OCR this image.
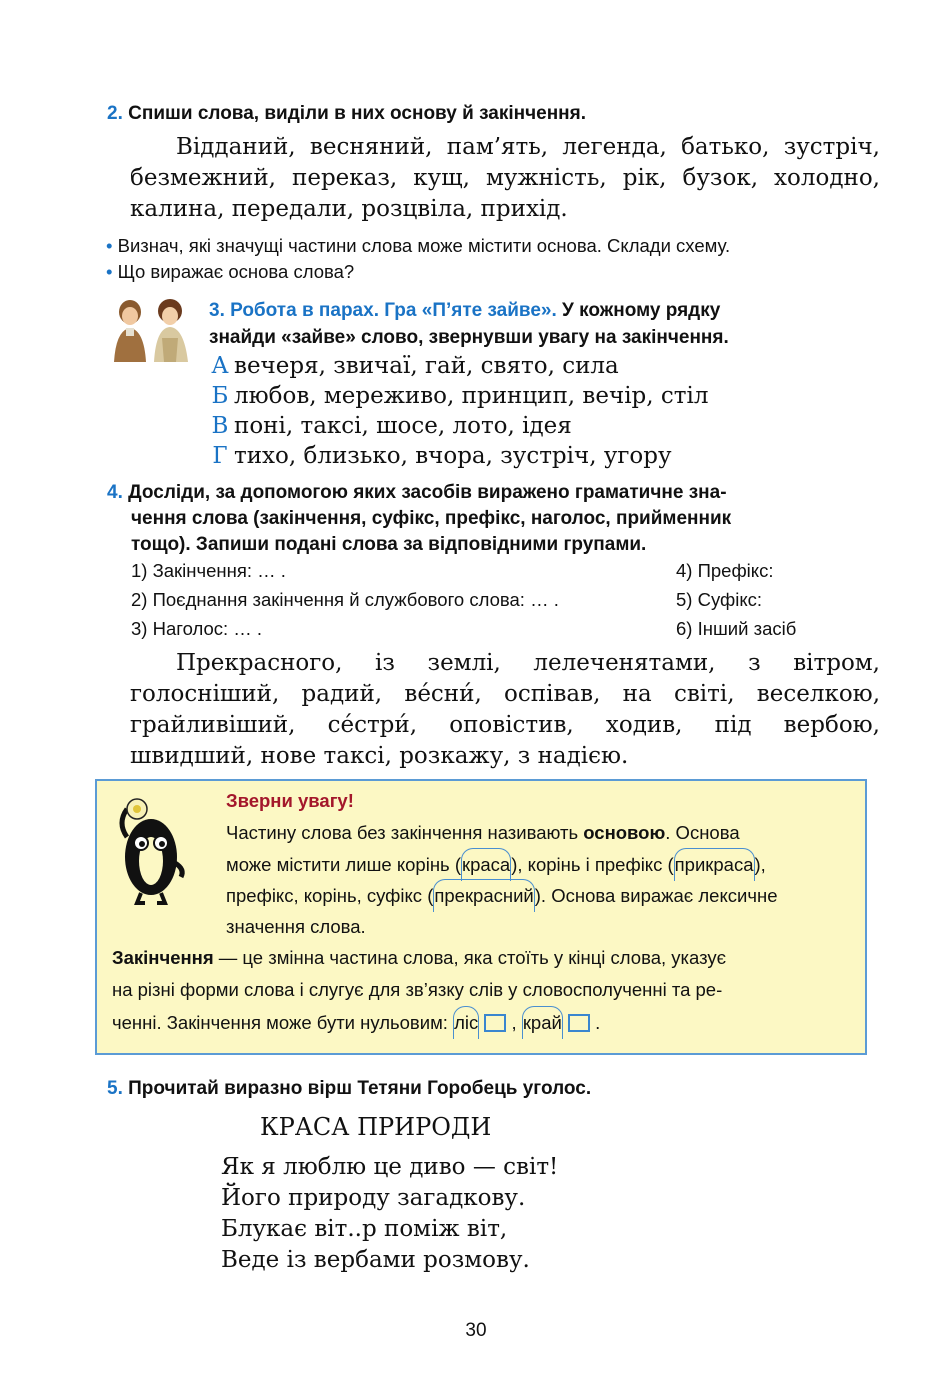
2. Спиши слова, виділи в них основу й закінчення.
Відданий, весняний, пам’ять, легенда, батько, зустріч, безмежний, переказ, кущ, мужність, рік, бузок, холодно, калина, передали, розцвіла, прихід.
• Визнач, які значущі частини слова може містити основа. Склади схему.
• Що виражає основа слова?
3. Робота в парах. Гра «П’яте зайве». У кожному рядку
знайди «зайве» слово, звернувши увагу на закінчення.
А вечеря, звичаї, гай, свято, сила
Б любов, мереживо, принцип, вечір, стіл
В поні, таксі, шосе, лото, ідея
Г тихо, близько, вчора, зустріч, угору
4. Досліди, за допомогою яких засобів виражено граматичне зна-
чення слова (закінчення, суфікс, префікс, наголос, прийменник
тощо). Запиши подані слова за відповідними групами.
1) Закінчення: … .
2) Поєднання закінчення й службового слова: … .
3) Наголос: … .
4) Префікс:
5) Суфікс:
6) Інший засіб
Прекрасного, із землі, лелеченятами, з вітром, голосніший, радий, ве́сни́, оспівав, на світі, веселкою, грайливіший, се́стри́, оповістив, ходив, під вербою, швидший, нове таксі, розкажу, з надією.
Зверни увагу!
Частину слова без закінчення називають основою. Основа
може містити лише корінь (краса), корінь і префікс (прикраса),
префікс, корінь, суфікс (прекрасний). Основа виражає лексичне
значення слова.
Закінчення — це змінна частина слова, яка стоїть у кінці слова, указує
на різні форми слова і слугує для зв’язку слів у словосполученні та ре-
ченні. Закінчення може бути нульовим: ліс  , край  .
5. Прочитай виразно вірш Тетяни Горобець уголос.
КРАСА ПРИРОДИ
Як я люблю це диво — світ!
Його природу загадкову.
Блукає віт..р поміж віт,
Веде із вербами розмову.
30
